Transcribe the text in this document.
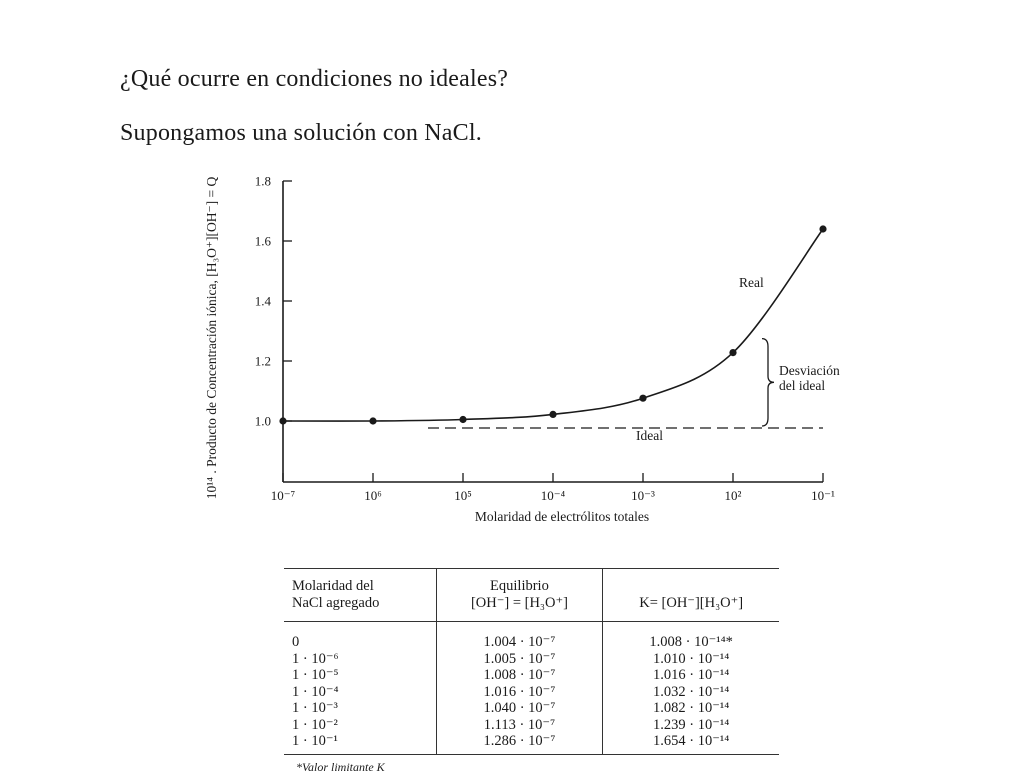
¿Qué ocurre en condiciones no ideales?
Supongamos una solución con NaCl.
1.0
1.2
1.4
1.6
1.8
10⁻⁷	10⁶	10⁵	10⁻⁴	10⁻³	10²	10⁻¹
10¹⁴ . Producto de Concentración iónica, [H₃O⁺][OH⁻] = Q
Molaridad de electrólitos totales
Real
Ideal
Desviación
del ideal
Molaridad del
NaCl agregado	Equilibrio
[OH⁻] = [H₃O⁺]	K= [OH⁻][H₃O⁺]
0	1.004 · 10⁻⁷	1.008 · 10⁻¹⁴*
1 · 10⁻⁶	1.005 · 10⁻⁷	1.010 · 10⁻¹⁴
1 · 10⁻⁵	1.008 · 10⁻⁷	1.016 · 10⁻¹⁴
1 · 10⁻⁴	1.016 · 10⁻⁷	1.032 · 10⁻¹⁴
1 · 10⁻³	1.040 · 10⁻⁷	1.082 · 10⁻¹⁴
1 · 10⁻²	1.113 · 10⁻⁷	1.239 · 10⁻¹⁴
1 · 10⁻¹	1.286 · 10⁻⁷	1.654 · 10⁻¹⁴
*Valor limitante K
